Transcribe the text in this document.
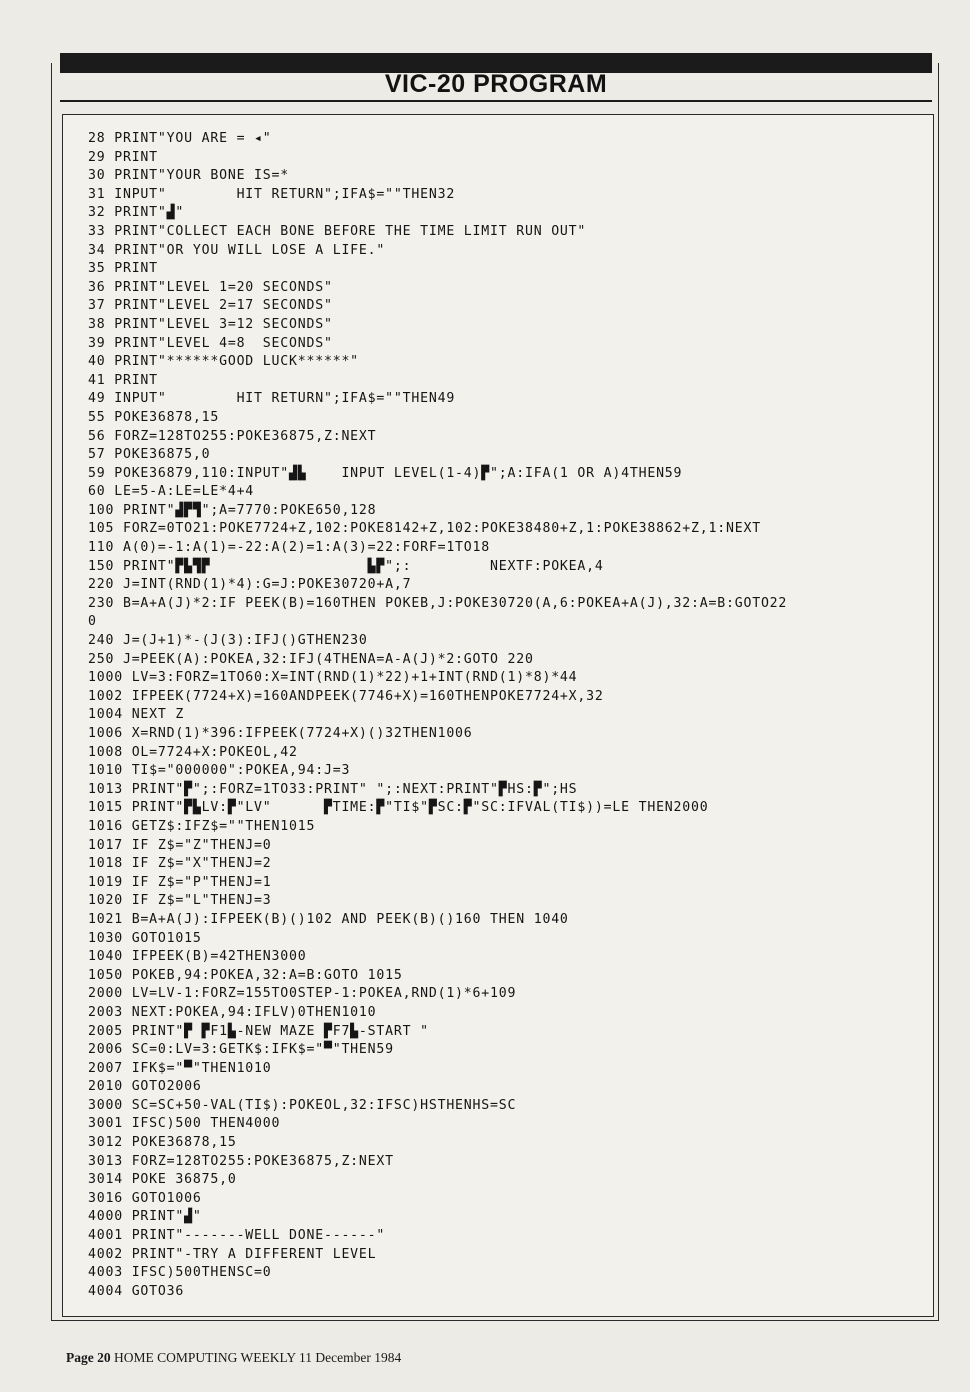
VIC-20 PROGRAM
28 PRINT"YOU ARE = ◂"
29 PRINT
30 PRINT"YOUR BONE IS=*
31 INPUT"        HIT RETURN";IFA$=""THEN32
32 PRINT"▟"
33 PRINT"COLLECT EACH BONE BEFORE THE TIME LIMIT RUN OUT"
34 PRINT"OR YOU WILL LOSE A LIFE."
35 PRINT
36 PRINT"LEVEL 1=20 SECONDS"
37 PRINT"LEVEL 2=17 SECONDS"
38 PRINT"LEVEL 3=12 SECONDS"
39 PRINT"LEVEL 4=8  SECONDS"
40 PRINT"******GOOD LUCK******"
41 PRINT
49 INPUT"        HIT RETURN";IFA$=""THEN49
55 POKE36878,15
56 FORZ=128TO255:POKE36875,Z:NEXT
57 POKE36875,0
59 POKE36879,110:INPUT"▟▙    INPUT LEVEL(1-4)▛";A:IFA(1 OR A)4THEN59
60 LE=5-A:LE=LE*4+4
100 PRINT"▟▛▜";A=7770:POKE650,128
105 FORZ=0TO21:POKE7724+Z,102:POKE8142+Z,102:POKE38480+Z,1:POKE38862+Z,1:NEXT
110 A(0)=-1:A(1)=-22:A(2)=1:A(3)=22:FORF=1TO18
150 PRINT"▛▙▜▛                  ▙▛";:         NEXTF:POKEA,4
220 J=INT(RND(1)*4):G=J:POKE30720+A,7
230 B=A+A(J)*2:IF PEEK(B)=160THEN POKEB,J:POKE30720(A,6:POKEA+A(J),32:A=B:GOTO22
0
240 J=(J+1)*-(J(3):IFJ()GTHEN230
250 J=PEEK(A):POKEA,32:IFJ(4THENA=A-A(J)*2:GOTO 220
1000 LV=3:FORZ=1TO60:X=INT(RND(1)*22)+1+INT(RND(1)*8)*44
1002 IFPEEK(7724+X)=160ANDPEEK(7746+X)=160THENPOKE7724+X,32
1004 NEXT Z
1006 X=RND(1)*396:IFPEEK(7724+X)()32THEN1006
1008 OL=7724+X:POKEOL,42
1010 TI$="000000":POKEA,94:J=3
1013 PRINT"▛";:FORZ=1TO33:PRINT" ";:NEXT:PRINT"▛HS:▛";HS
1015 PRINT"▛▙LV:▛"LV"      ▛TIME:▛"TI$"▛SC:▛"SC:IFVAL(TI$))=LE THEN2000
1016 GETZ$:IFZ$=""THEN1015
1017 IF Z$="Z"THENJ=0
1018 IF Z$="X"THENJ=2
1019 IF Z$="P"THENJ=1
1020 IF Z$="L"THENJ=3
1021 B=A+A(J):IFPEEK(B)()102 AND PEEK(B)()160 THEN 1040
1030 GOTO1015
1040 IFPEEK(B)=42THEN3000
1050 POKEB,94:POKEA,32:A=B:GOTO 1015
2000 LV=LV-1:FORZ=155TO0STEP-1:POKEA,RND(1)*6+109
2003 NEXT:POKEA,94:IFLV)0THEN1010
2005 PRINT"▛ ▛F1▙-NEW MAZE ▛F7▙-START "
2006 SC=0:LV=3:GETK$:IFK$="▀"THEN59
2007 IFK$="▀"THEN1010
2010 GOTO2006
3000 SC=SC+50-VAL(TI$):POKEOL,32:IFSC)HSTHENHS=SC
3001 IFSC)500 THEN4000
3012 POKE36878,15
3013 FORZ=128TO255:POKE36875,Z:NEXT
3014 POKE 36875,0
3016 GOTO1006
4000 PRINT"▟"
4001 PRINT"-------WELL DONE------"
4002 PRINT"-TRY A DIFFERENT LEVEL
4003 IFSC)500THENSC=0
4004 GOTO36
Page 20 HOME COMPUTING WEEKLY 11 December 1984
